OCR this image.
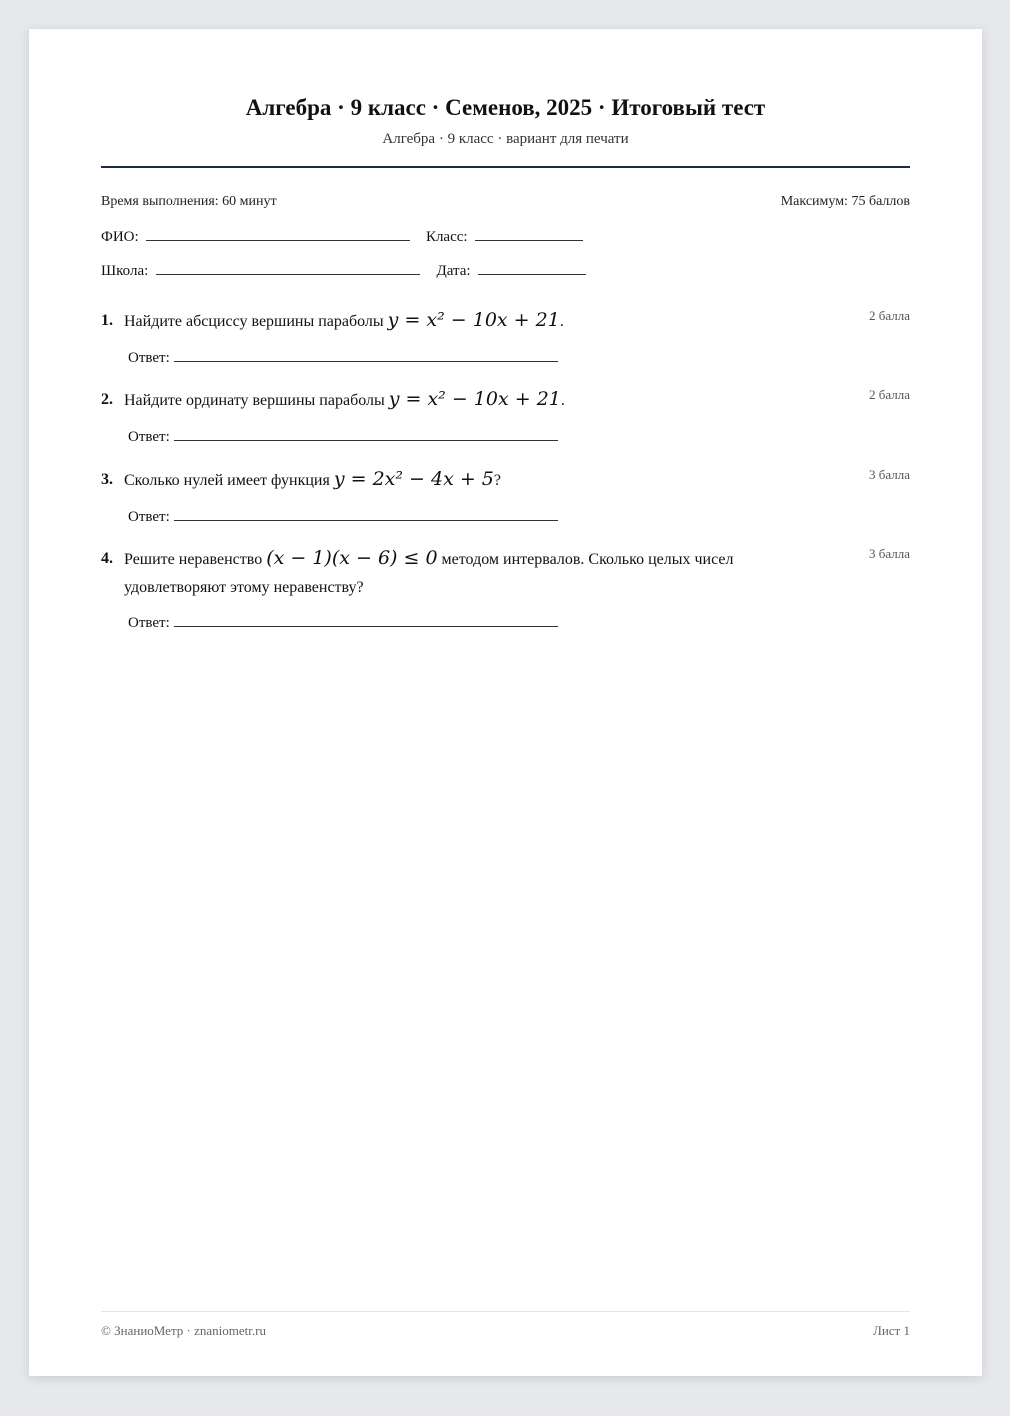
Алгебра · 9 класс · Семенов, 2025 · Итоговый тест
Алгебра · 9 класс · вариант для печати
Время выполнения: 60 минут	Максимум: 75 баллов
ФИО:	Класс:
Школа:	Дата:
1. Найдите абсциссу вершины параболы y = x² − 10x + 21.	2 балла
Ответ:
2. Найдите ординату вершины параболы y = x² − 10x + 21.	2 балла
Ответ:
3. Сколько нулей имеет функция y = 2x² − 4x + 5?	3 балла
Ответ:
4. Решите неравенство (x − 1)(x − 6) ≤ 0 методом интервалов. Сколько целых чисел удовлетворяют этому неравенству?
3 балла
Ответ:
© ЗнаниоМетр · znaniometr.ru	Лист 1
